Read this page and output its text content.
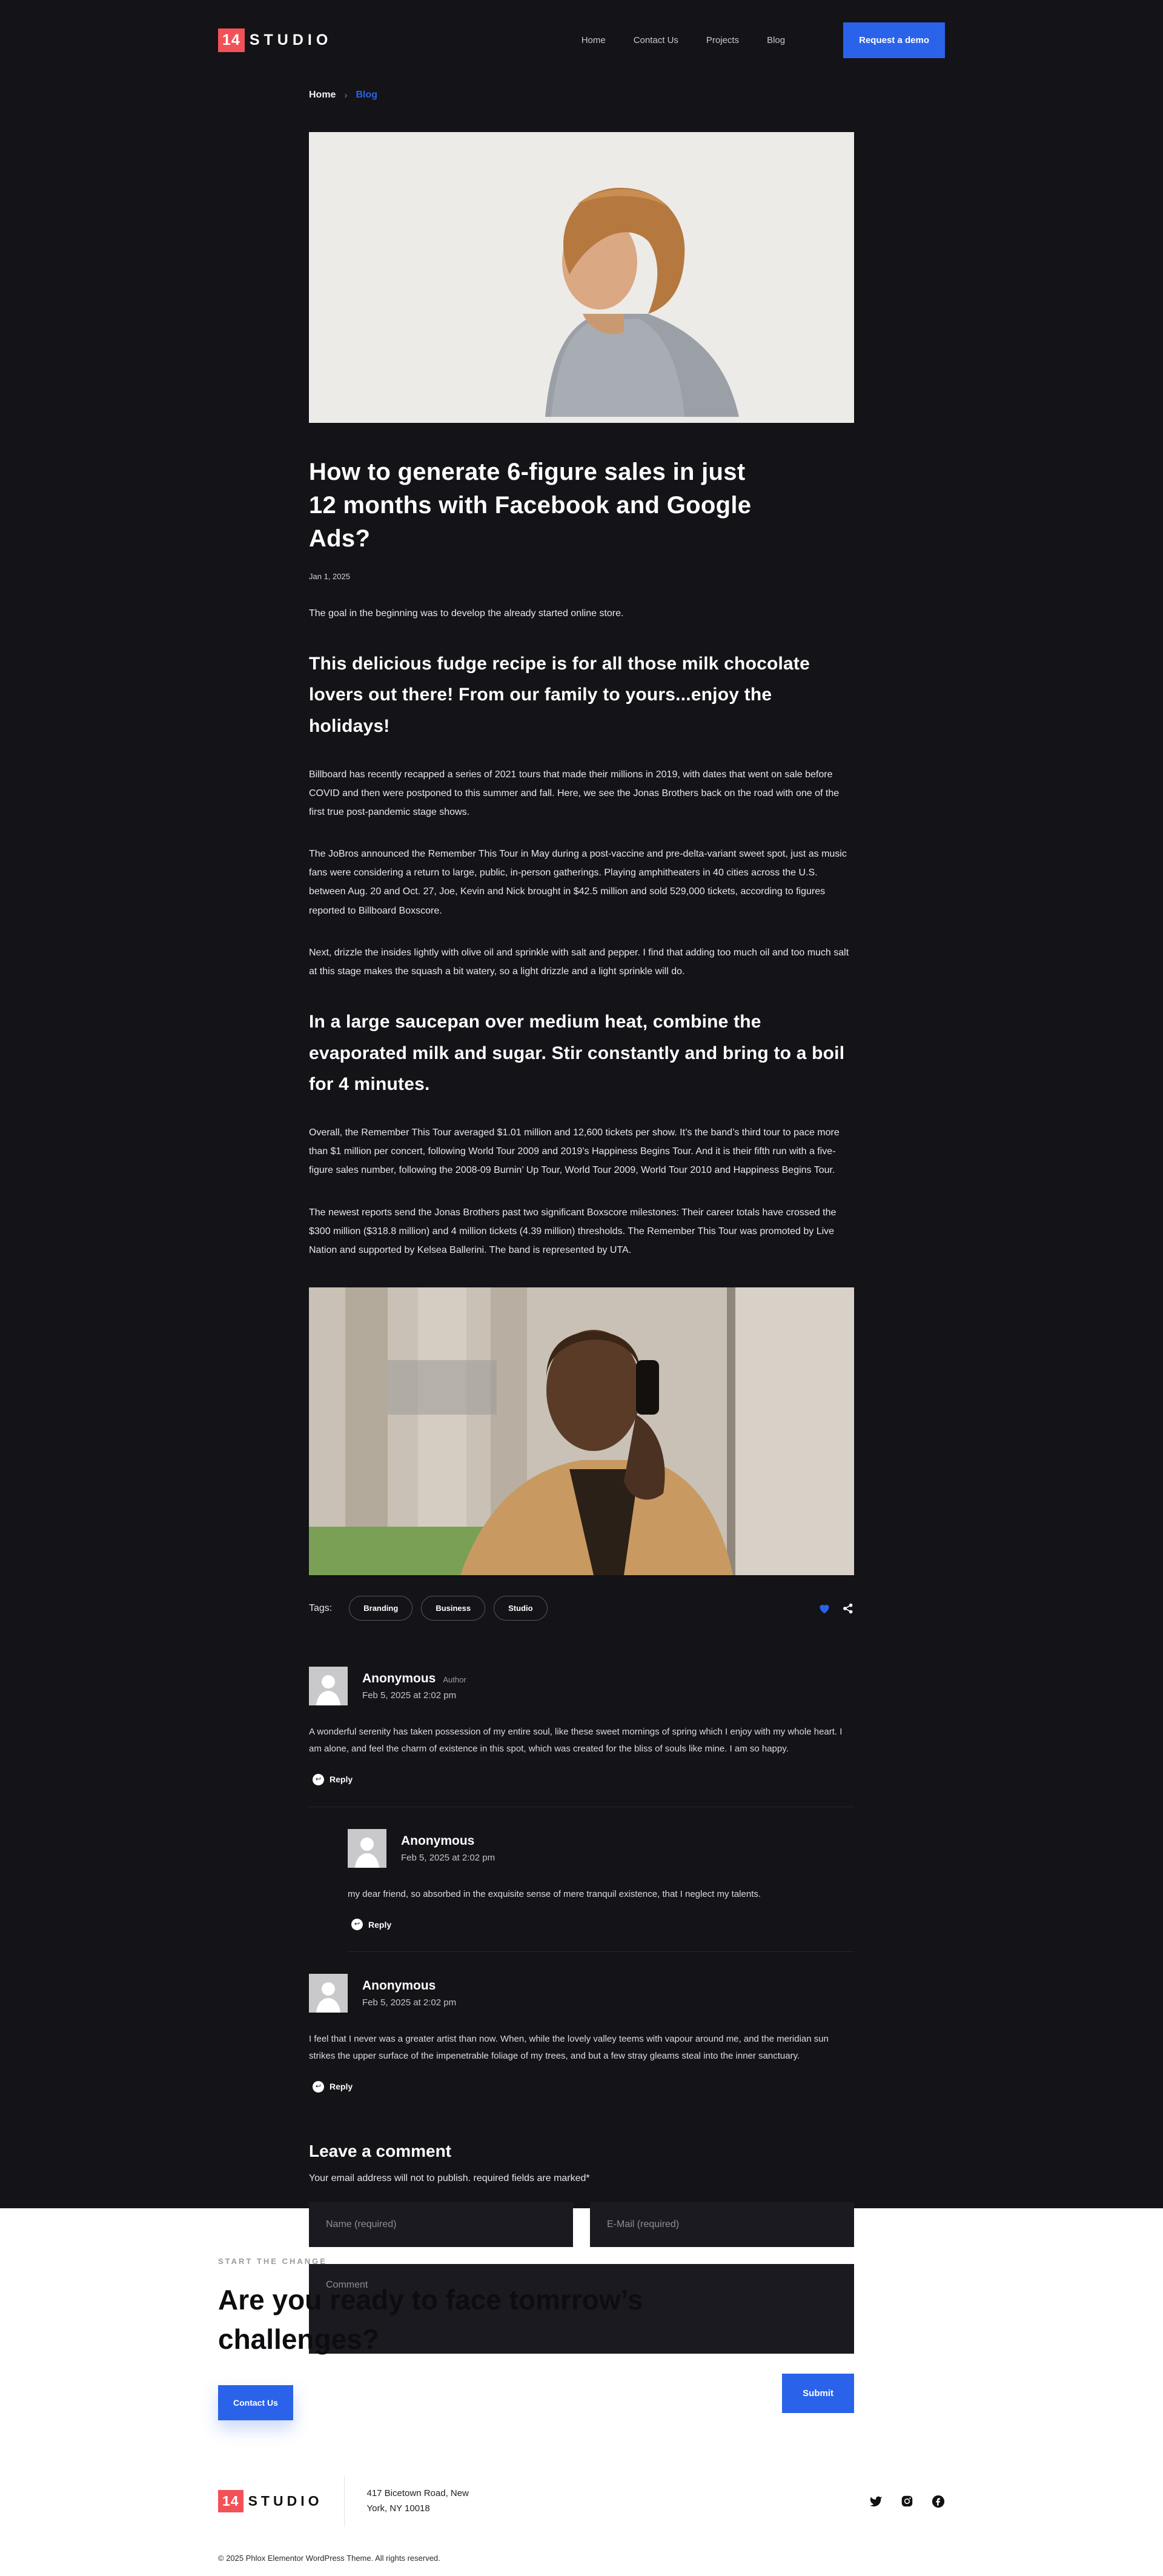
14 STUDIO	Home	Contact Us	Projects	Blog	Request a demo
Home › Blog
How to generate 6-figure sales in just 12 months with Facebook and Google Ads?
Jan 1, 2025

The goal in the beginning was to develop the already started online store.

This delicious fudge recipe is for all those milk chocolate lovers out there! From our family to yours...enjoy the holidays!

Billboard has recently recapped a series of 2021 tours that made their millions in 2019, with dates that went on sale before COVID and then were postponed to this summer and fall. Here, we see the Jonas Brothers back on the road with one of the first true post-pandemic stage shows.

The JoBros announced the Remember This Tour in May during a post-vaccine and pre-delta-variant sweet spot, just as music fans were considering a return to large, public, in-person gatherings. Playing amphitheaters in 40 cities across the U.S. between Aug. 20 and Oct. 27, Joe, Kevin and Nick brought in $42.5 million and sold 529,000 tickets, according to figures reported to Billboard Boxscore.

Next, drizzle the insides lightly with olive oil and sprinkle with salt and pepper. I find that adding too much oil and too much salt at this stage makes the squash a bit watery, so a light drizzle and a light sprinkle will do.

In a large saucepan over medium heat, combine the evaporated milk and sugar. Stir constantly and bring to a boil for 4 minutes.

Overall, the Remember This Tour averaged $1.01 million and 12,600 tickets per show. It’s the band’s third tour to pace more than $1 million per concert, following World Tour 2009 and 2019’s Happiness Begins Tour. And it is their fifth run with a five-figure sales number, following the 2008-09 Burnin’ Up Tour, World Tour 2009, World Tour 2010 and Happiness Begins Tour.

The newest reports send the Jonas Brothers past two significant Boxscore milestones: Their career totals have crossed the $300 million ($318.8 million) and 4 million tickets (4.39 million) thresholds. The Remember This Tour was promoted by Live Nation and supported by Kelsea Ballerini. The band is represented by UTA.

Tags:	Branding	Business	Studio
Anonymous Author
Feb 5, 2025 at 2:02 pm
A wonderful serenity has taken possession of my entire soul, like these sweet mornings of spring which I enjoy with my whole heart. I am alone, and feel the charm of existence in this spot, which was created for the bliss of souls like mine. I am so happy.
↩ Reply
Anonymous
Feb 5, 2025 at 2:02 pm
my dear friend, so absorbed in the exquisite sense of mere tranquil existence, that I neglect my talents.
↩ Reply
Anonymous
Feb 5, 2025 at 2:02 pm
I feel that I never was a greater artist than now. When, while the lovely valley teems with vapour around me, and the meridian sun strikes the upper surface of the impenetrable foliage of my trees, and but a few stray gleams steal into the inner sanctuary.
↩ Reply
Leave a comment
Your email address will not to publish. required fields are marked*
Name (required)
E-Mail (required)
Comment
Submit
START THE CHANGE
Are you ready to face tomrrow’s challenges?
Contact Us
14 STUDIO	417 Bicetown Road, New
York, NY 10018
© 2025 Phlox Elementor WordPress Theme. All rights reserved.
